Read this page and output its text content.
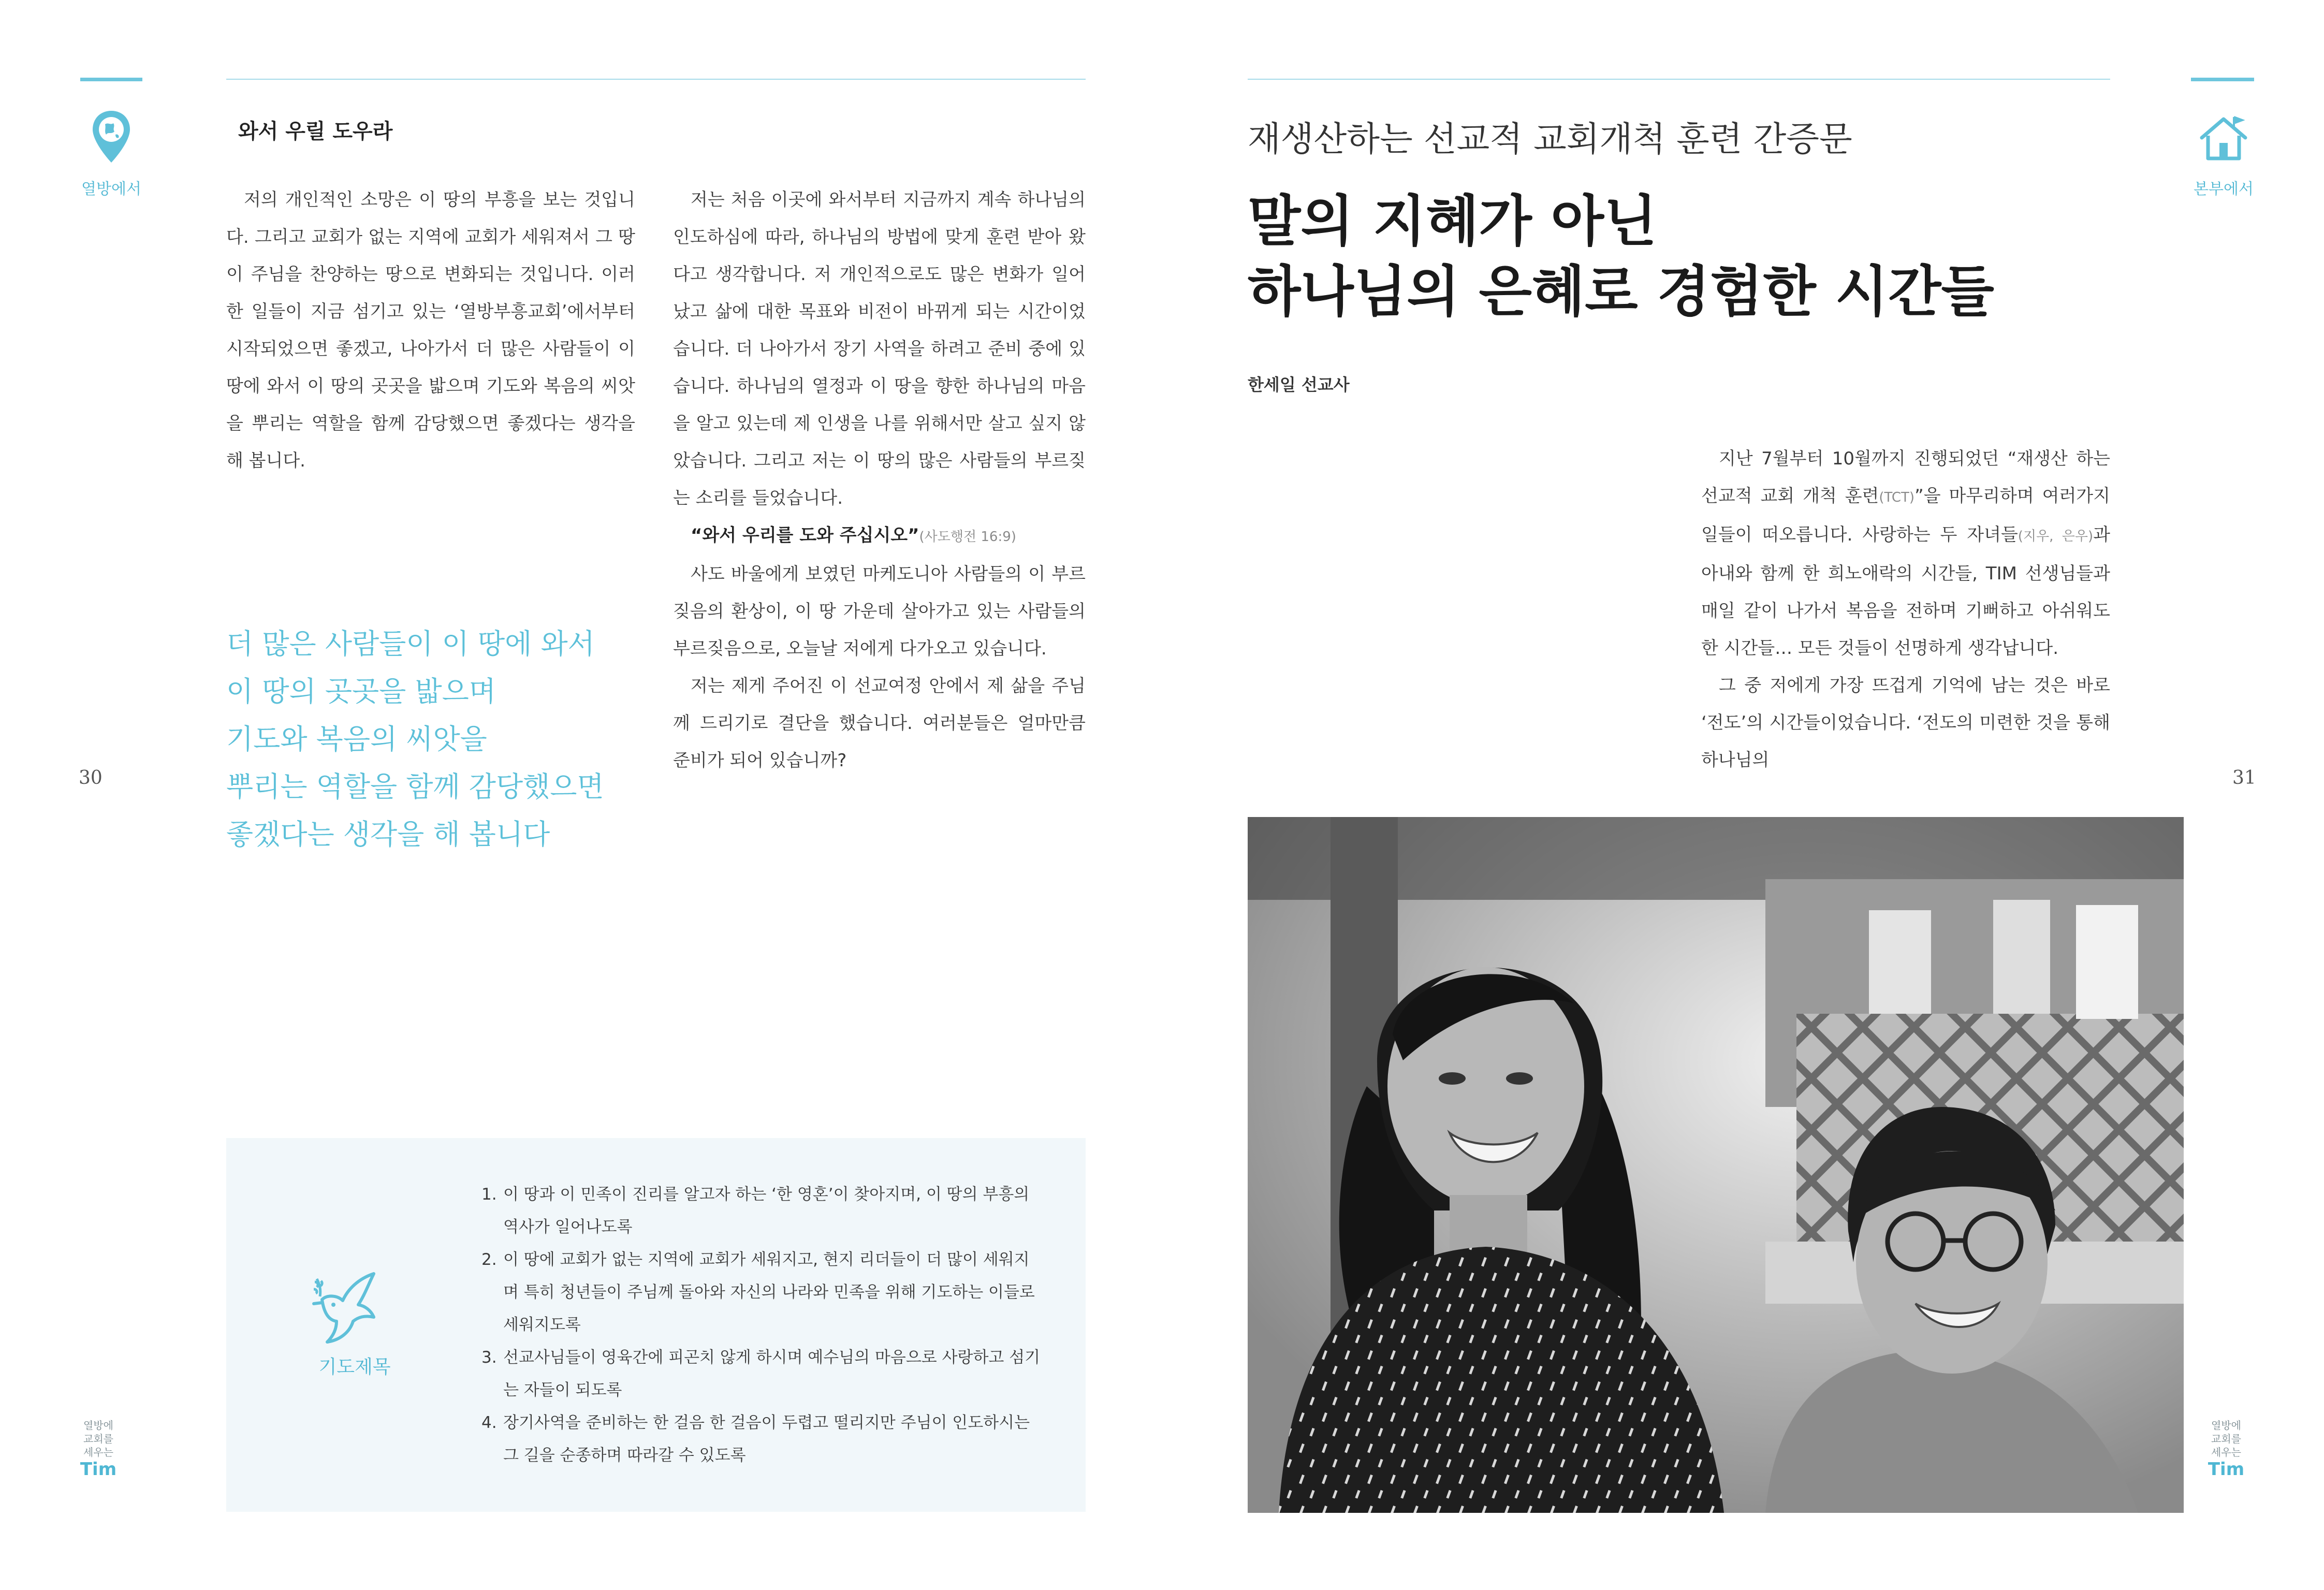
열방에서
30
와서 우릴 도우라

저의 개인적인 소망은 이 땅의 부흥을 보는 것입니다. 그리고 교회가 없는 지역에 교회가 세워져서 그 땅이 주님을 찬양하는 땅으로 변화되는 것입니다. 이러한 일들이 지금 섬기고 있는 ‘열방부흥교회’에서부터 시작되었으면 좋겠고, 나아가서 더 많은 사람들이 이 땅에 와서 이 땅의 곳곳을 밟으며 기도와 복음의 씨앗을 뿌리는 역할을 함께 감당했으면 좋겠다는 생각을 해 봅니다.

저는 처음 이곳에 와서부터 지금까지 계속 하나님의 인도하심에 따라, 하나님의 방법에 맞게 훈련 받아 왔다고 생각합니다. 저 개인적으로도 많은 변화가 일어났고 삶에 대한 목표와 비전이 바뀌게 되는 시간이었습니다. 더 나아가서 장기 사역을 하려고 준비 중에 있습니다. 하나님의 열정과 이 땅을 향한 하나님의 마음을 알고 있는데 제 인생을 나를 위해서만 살고 싶지 않았습니다. 그리고 저는 이 땅의 많은 사람들의 부르짖는 소리를 들었습니다.

“와서 우리를 도와 주십시오”(사도행전 16:9)

사도 바울에게 보였던 마케도니아 사람들의 이 부르짖음의 환상이, 이 땅 가운데 살아가고 있는 사람들의 부르짖음으로, 오늘날 저에게 다가오고 있습니다.

저는 제게 주어진 이 선교여정 안에서 제 삶을 주님께 드리기로 결단을 했습니다. 여러분들은 얼마만큼 준비가 되어 있습니까?

더 많은 사람들이 이 땅에 와서
이 땅의 곳곳을 밟으며
기도와 복음의 씨앗을
뿌리는 역할을 함께 감당했으면
좋겠다는 생각을 해 봅니다
기도제목
1. 이 땅과 이 민족이 진리를 알고자 하는 ‘한 영혼’이 찾아지며, 이 땅의 부흥의 역사가 일어나도록
2. 이 땅에 교회가 없는 지역에 교회가 세워지고, 현지 리더들이 더 많이 세워지며 특히 청년들이 주님께 돌아와 자신의 나라와 민족을 위해 기도하는 이들로 세워지도록
3. 선교사님들이 영육간에 피곤치 않게 하시며 예수님의 마음으로 사랑하고 섬기는 자들이 되도록
4. 장기사역을 준비하는 한 걸음 한 걸음이 두렵고 떨리지만 주님이 인도하시는 그 길을 순종하며 따라갈 수 있도록
열방에
교회를
세우는
Tim
본부에서
31
재생산하는 선교적 교회개척 훈련 간증문
말의 지혜가 아닌
하나님의 은혜로 경험한 시간들
한세일 선교사

지난 7월부터 10월까지 진행되었던 “재생산 하는 선교적 교회 개척 훈련(TCT)”을 마무리하며 여러가지 일들이 떠오릅니다. 사랑하는 두 자녀들(지우, 은우)과 아내와 함께 한 희노애락의 시간들, TIM 선생님들과 매일 같이 나가서 복음을 전하며 기뻐하고 아쉬워도 한 시간들… 모든 것들이 선명하게 생각납니다.

그 중 저에게 가장 뜨겁게 기억에 남는 것은 바로 ‘전도’의 시간들이었습니다. ‘전도의 미련한 것을 통해 하나님의

열방에
교회를
세우는
Tim
